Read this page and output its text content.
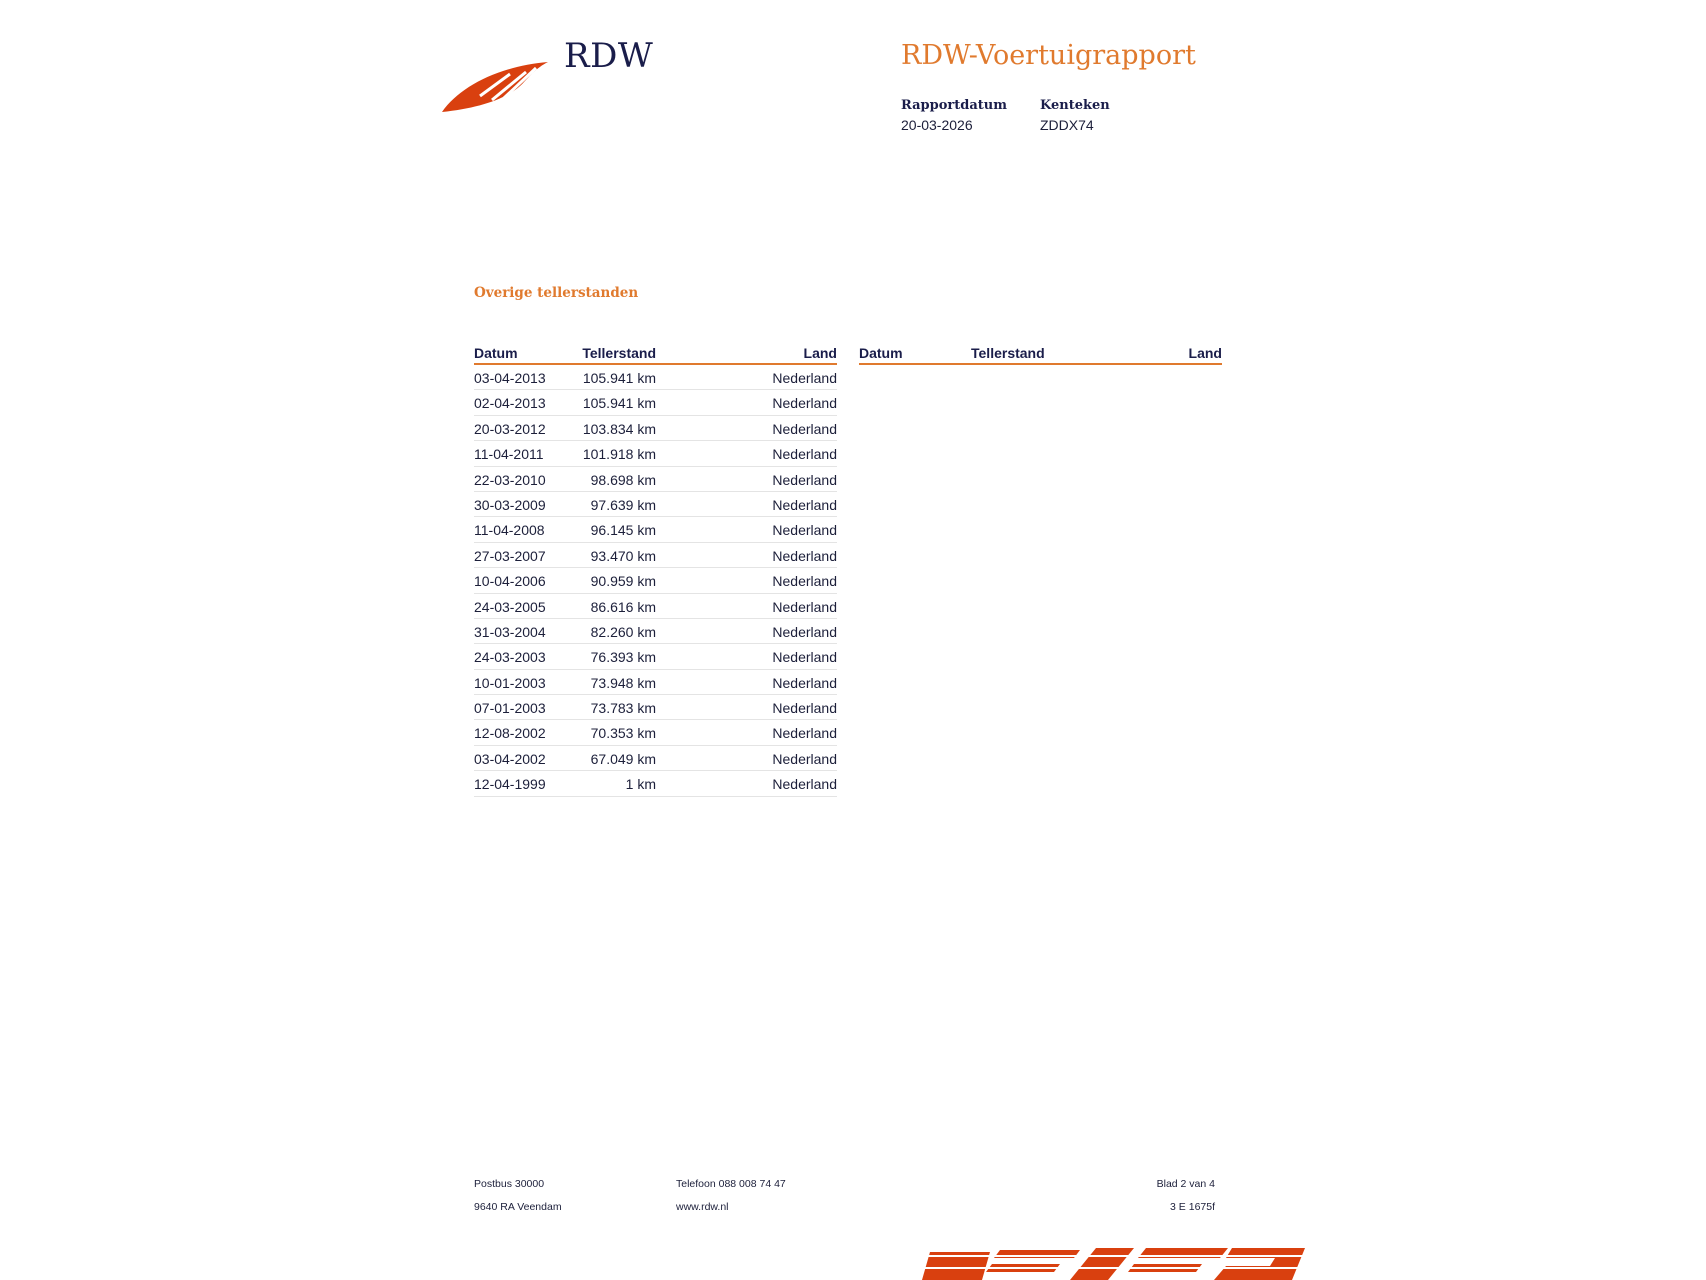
RDW	RDW-Voertuigrapport
Rapportdatum
20-03-2026
Kenteken
ZDDX74
Overige tellerstanden
Datum	Tellerstand	Land
03-04-2013	105.941 km	Nederland
02-04-2013	105.941 km	Nederland
20-03-2012	103.834 km	Nederland
11-04-2011	101.918 km	Nederland
22-03-2010	98.698 km	Nederland
30-03-2009	97.639 km	Nederland
11-04-2008	96.145 km	Nederland
27-03-2007	93.470 km	Nederland
10-04-2006	90.959 km	Nederland
24-03-2005	86.616 km	Nederland
31-03-2004	82.260 km	Nederland
24-03-2003	76.393 km	Nederland
10-01-2003	73.948 km	Nederland
07-01-2003	73.783 km	Nederland
12-08-2002	70.353 km	Nederland
03-04-2002	67.049 km	Nederland
12-04-1999	1 km	Nederland
Datum	Tellerstand	Land
Postbus 30000
9640 RA Veendam
Telefoon 088 008 74 47
www.rdw.nl
Blad 2 van 4
3 E 1675f
